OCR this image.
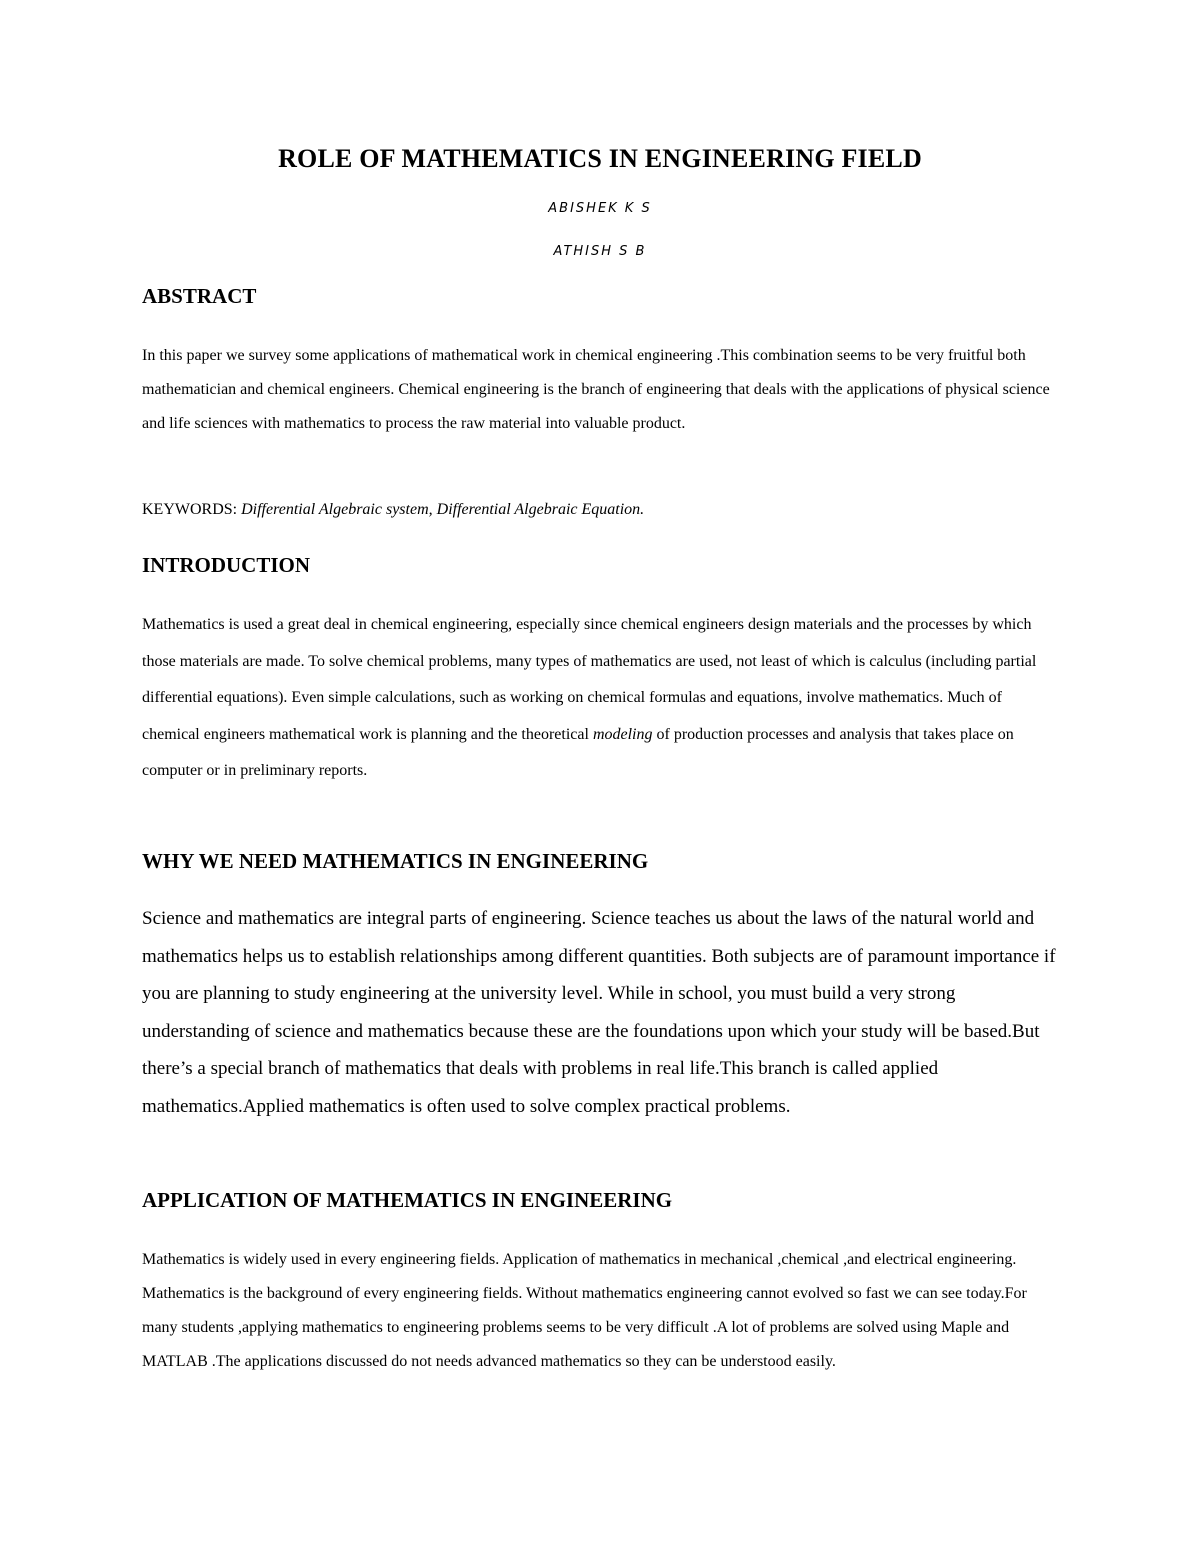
ROLE OF MATHEMATICS IN ENGINEERING FIELD

ABISHEK K S

ATHISH S B

ABSTRACT

In this paper we survey some applications of mathematical work in chemical engineering .This combination seems to be very fruitful both mathematician and chemical engineers. Chemical engineering is the branch of engineering that deals with the applications of physical science and life sciences with mathematics to process the raw material into valuable product.

KEYWORDS: Differential Algebraic system, Differential Algebraic Equation.

INTRODUCTION

Mathematics is used a great deal in chemical engineering, especially since chemical engineers design materials and the processes by which those materials are made. To solve chemical problems, many types of mathematics are used, not least of which is calculus (including partial differential equations). Even simple calculations, such as working on chemical formulas and equations, involve mathematics. Much of chemical engineers mathematical work is planning and the theoretical modeling of production processes and analysis that takes place on computer or in preliminary reports.

WHY WE NEED MATHEMATICS IN ENGINEERING

Science and mathematics are integral parts of engineering. Science teaches us about the laws of the natural world and mathematics helps us to establish relationships among different quantities. Both subjects are of paramount importance if you are planning to study engineering at the university level. While in school, you must build a very strong understanding of science and mathematics because these are the foundations upon which your study will be based.But there’s a special branch of mathematics that deals with problems in real life.This branch is called applied mathematics.Applied mathematics is often used to solve complex practical problems.

APPLICATION OF MATHEMATICS IN ENGINEERING

Mathematics is widely used in every engineering fields. Application of mathematics in mechanical ,chemical ,and electrical engineering. Mathematics is the background of every engineering fields. Without mathematics engineering cannot evolved so fast we can see today.For many students ,applying mathematics to engineering problems seems to be very difficult .A lot of problems are solved using Maple and MATLAB .The applications discussed do not needs advanced mathematics so they can be understood easily.
